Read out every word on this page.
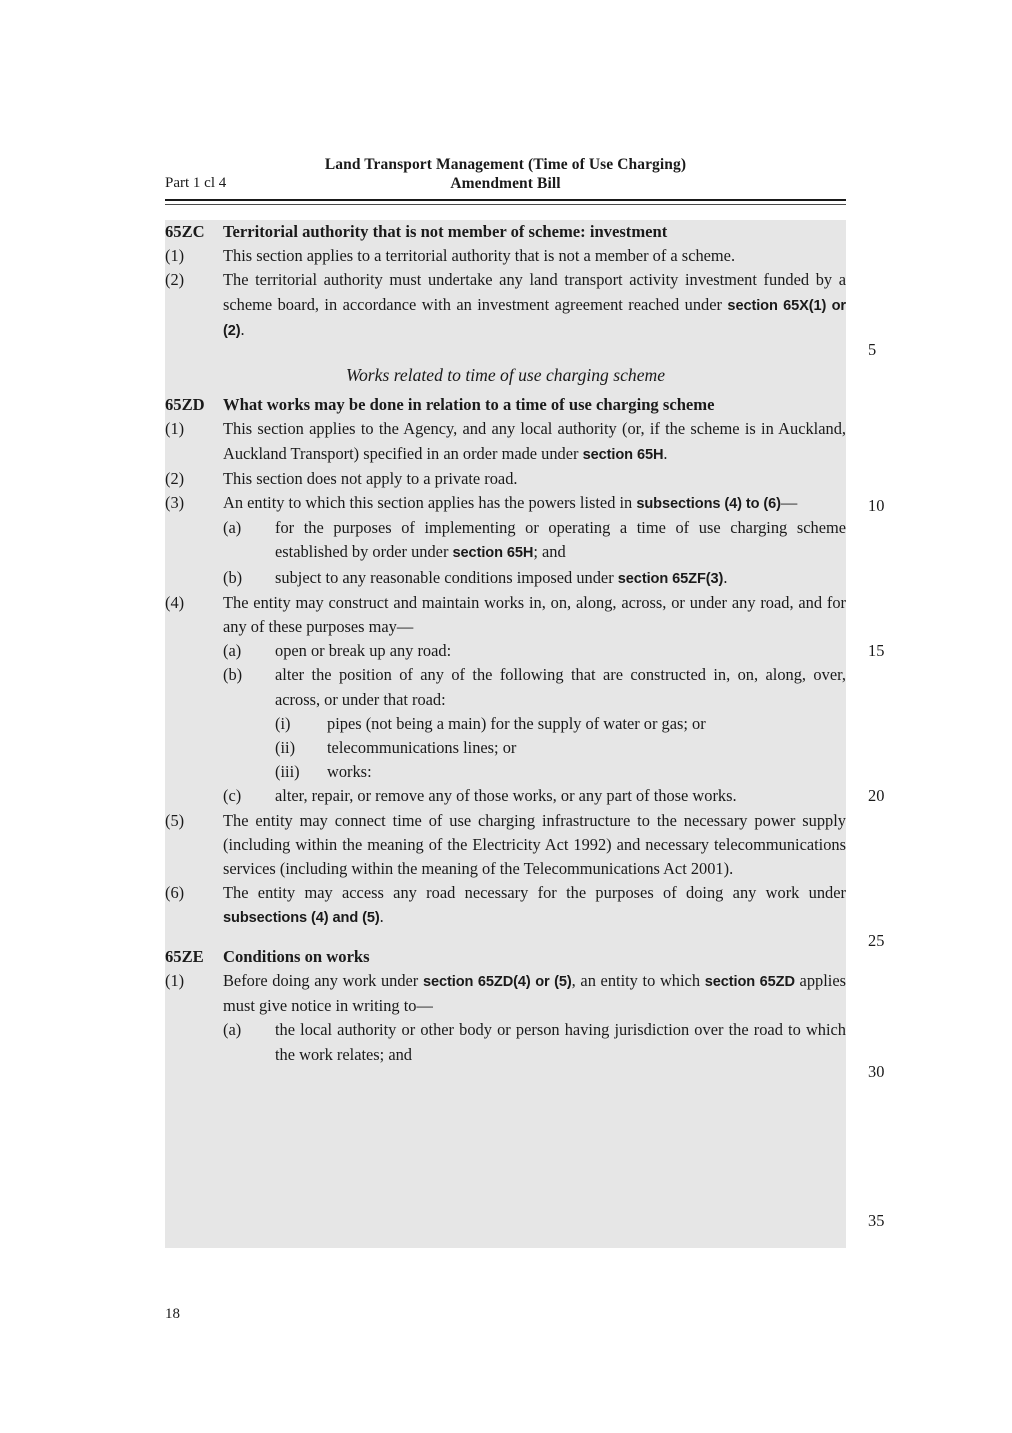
Land Transport Management (Time of Use Charging)
Amendment Bill
Part 1 cl 4
65ZC Territorial authority that is not member of scheme: investment
(1)	This section applies to a territorial authority that is not a member of a scheme.
(2)	The territorial authority must undertake any land transport activity investment funded by a scheme board, in accordance with an investment agreement reached under section 65X(1) or (2).
Works related to time of use charging scheme
65ZD What works may be done in relation to a time of use charging scheme
(1)	This section applies to the Agency, and any local authority (or, if the scheme is in Auckland, Auckland Transport) specified in an order made under section 65H.
(2)	This section does not apply to a private road.
(3)	An entity to which this section applies has the powers listed in subsections (4) to (6)—
(a)	for the purposes of implementing or operating a time of use charging scheme established by order under section 65H; and
(b)	subject to any reasonable conditions imposed under section 65ZF(3).
(4)	The entity may construct and maintain works in, on, along, across, or under any road, and for any of these purposes may—
(a)	open or break up any road:
(b)	alter the position of any of the following that are constructed in, on, along, over, across, or under that road:
(i)	pipes (not being a main) for the supply of water or gas; or
(ii)	telecommunications lines; or
(iii)	works:
(c)	alter, repair, or remove any of those works, or any part of those works.
(5)	The entity may connect time of use charging infrastructure to the necessary power supply (including within the meaning of the Electricity Act 1992) and necessary telecommunications services (including within the meaning of the Telecommunications Act 2001).
(6)	The entity may access any road necessary for the purposes of doing any work under subsections (4) and (5).
65ZE Conditions on works
(1)	Before doing any work under section 65ZD(4) or (5), an entity to which section 65ZD applies must give notice in writing to—
(a)	the local authority or other body or person having jurisdiction over the road to which the work relates; and
5
10
15
20
25
30
35
18
